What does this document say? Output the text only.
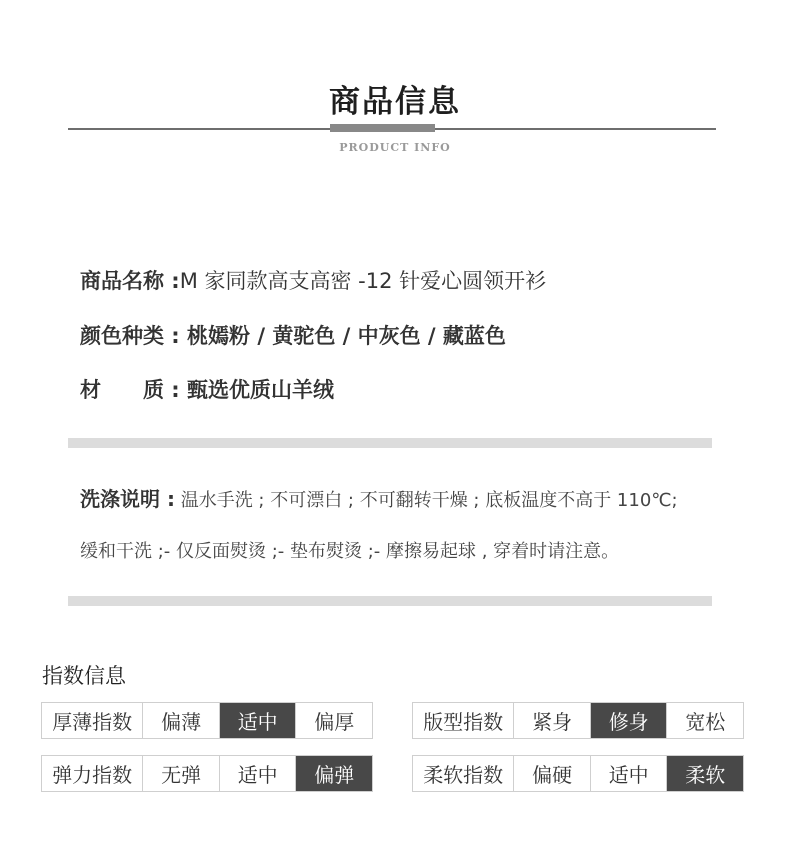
商品信息
PRODUCT INFO
商品名称 :M 家同款高支高密 -12 针爱心圆领开衫
颜色种类 : 桃嫣粉 / 黄驼色 / 中灰色 / 藏蓝色
材　　质 : 甄选优质山羊绒
洗涤说明 : 温水手洗 ; 不可漂白 ; 不可翻转干燥 ; 底板温度不高于 110℃;
缓和干洗 ;- 仅反面熨烫 ;- 垫布熨烫 ;- 摩擦易起球 , 穿着时请注意。
指数信息
厚薄指数	偏薄	适中	偏厚
弹力指数	无弹	适中	偏弹
版型指数	紧身	修身	宽松
柔软指数	偏硬	适中	柔软
